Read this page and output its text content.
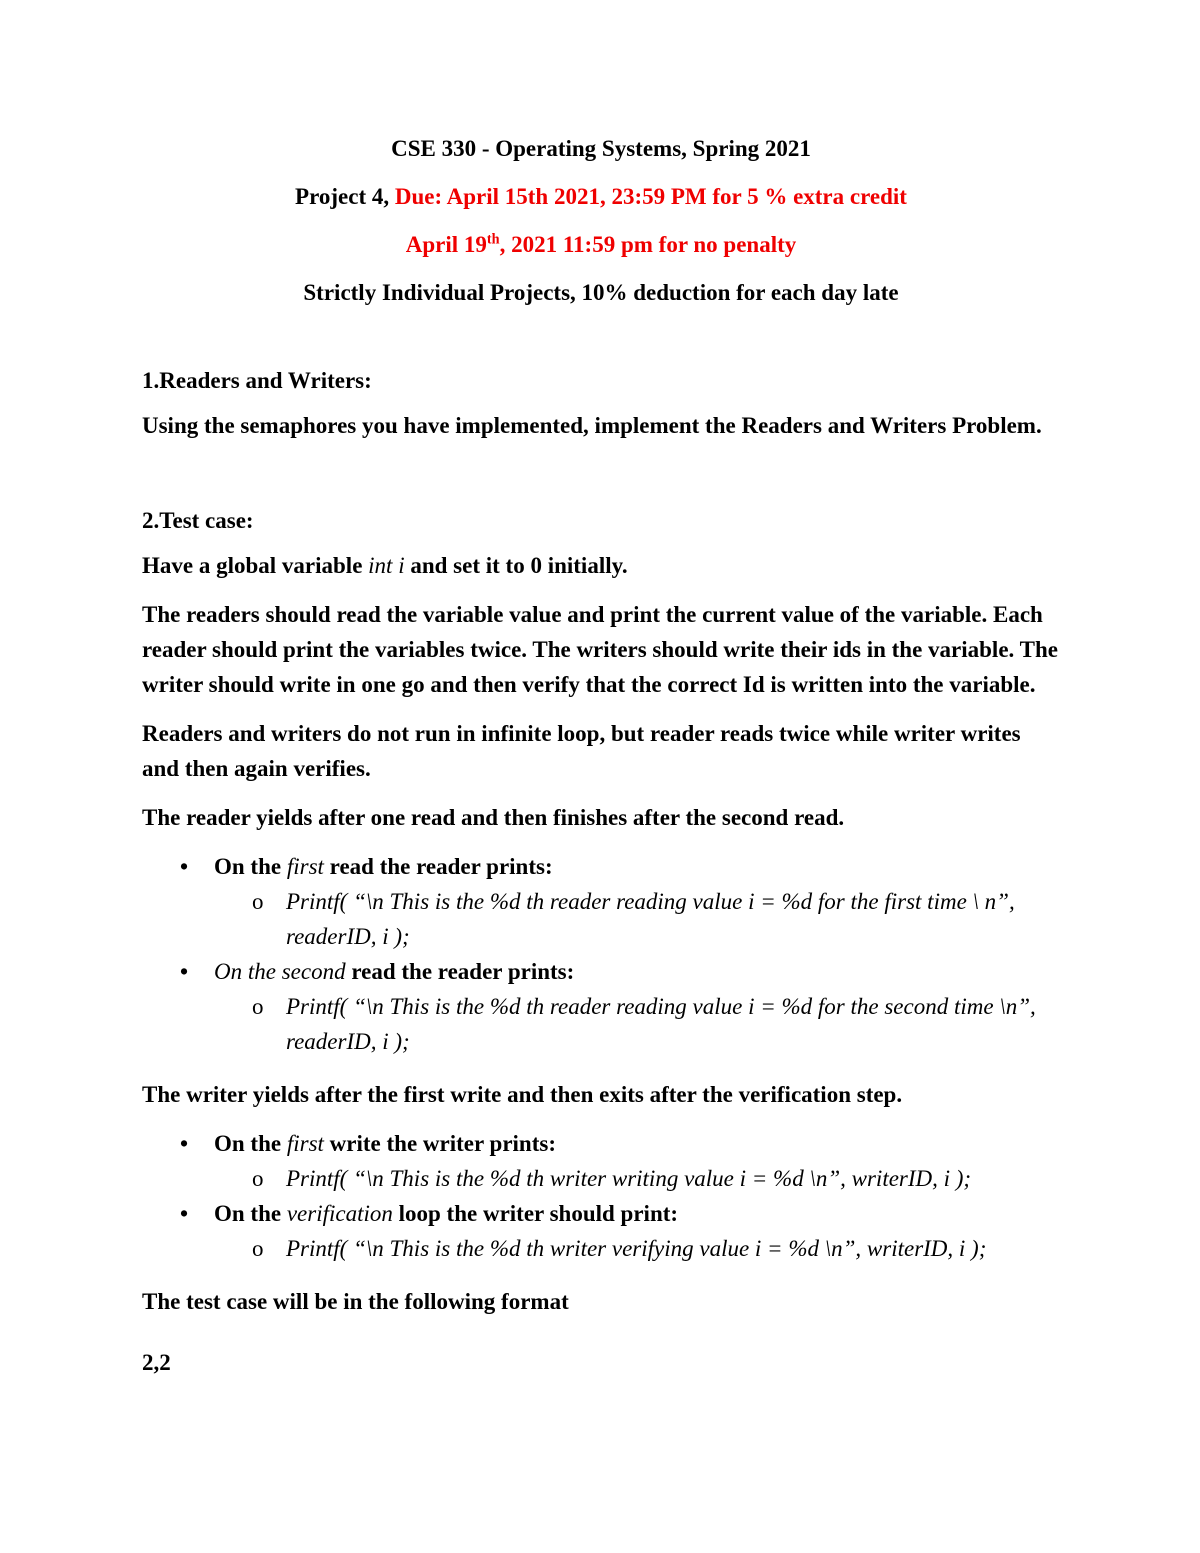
CSE 330 - Operating Systems, Spring 2021
Project 4, Due: April 15th 2021, 23:59 PM for 5 % extra credit
April 19th, 2021 11:59 pm for no penalty
Strictly Individual Projects, 10% deduction for each day late

1.Readers and Writers:

Using the semaphores you have implemented, implement the Readers and Writers Problem.

2.Test case:

Have a global variable int i and set it to 0 initially.

The readers should read the variable value and print the current value of the variable. Each reader should print the variables twice. The writers should write their ids in the variable. The writer should write in one go and then verify that the correct Id is written into the variable.

Readers and writers do not run in infinite loop, but reader reads twice while writer writes and then again verifies.

The reader yields after one read and then finishes after the second read.

•	On the first read the reader prints:
o Printf( “\n This is the %d th reader reading value i = %d for the first time \ n”, readerID, i );
•	On the second read the reader prints:
o Printf( “\n This is the %d th reader reading value i = %d for the second time \n”, readerID, i );

The writer yields after the first write and then exits after the verification step.

•	On the first write the writer prints:
o Printf( “\n This is the %d th writer writing value i = %d \n”, writerID, i );
•	On the verification loop the writer should print:
o Printf( “\n This is the %d th writer verifying value i = %d \n”, writerID, i );

The test case will be in the following format

2,2
